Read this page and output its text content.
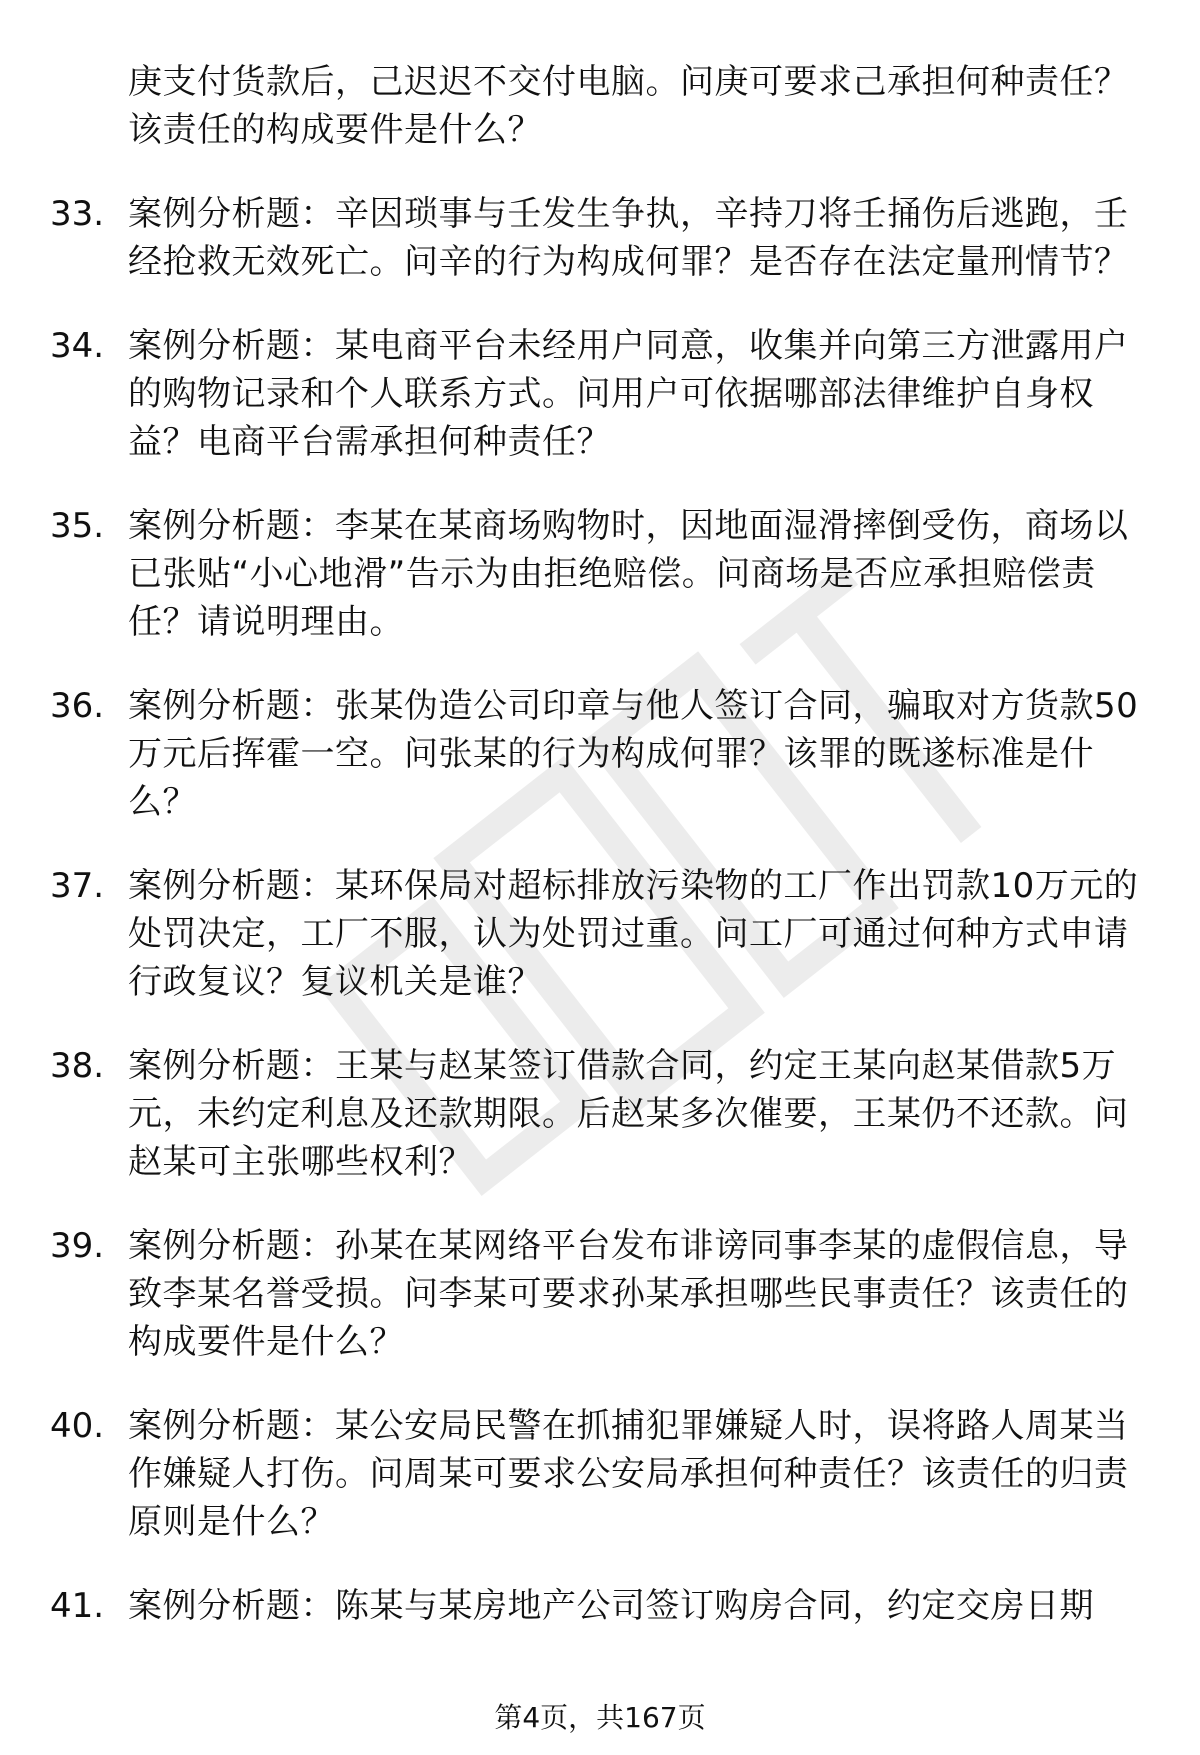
庚支付货款后，己迟迟不交付电脑。问庚可要求己承担何种责任？该责任的构成要件是什么？
33. 案例分析题：辛因琐事与壬发生争执，辛持刀将壬捅伤后逃跑，壬经抢救无效死亡。问辛的行为构成何罪？是否存在法定量刑情节？
34. 案例分析题：某电商平台未经用户同意，收集并向第三方泄露用户的购物记录和个人联系方式。问用户可依据哪部法律维护自身权益？电商平台需承担何种责任？
35. 案例分析题：李某在某商场购物时，因地面湿滑摔倒受伤，商场以已张贴“小心地滑”告示为由拒绝赔偿。问商场是否应承担赔偿责任？请说明理由。
36. 案例分析题：张某伪造公司印章与他人签订合同，骗取对方货款50万元后挥霍一空。问张某的行为构成何罪？该罪的既遂标准是什么？
37. 案例分析题：某环保局对超标排放污染物的工厂作出罚款10万元的处罚决定，工厂不服，认为处罚过重。问工厂可通过何种方式申请行政复议？复议机关是谁？
38. 案例分析题：王某与赵某签订借款合同，约定王某向赵某借款5万元，未约定利息及还款期限。后赵某多次催要，王某仍不还款。问赵某可主张哪些权利？
39. 案例分析题：孙某在某网络平台发布诽谤同事李某的虚假信息，导致李某名誉受损。问李某可要求孙某承担哪些民事责任？该责任的构成要件是什么？
40. 案例分析题：某公安局民警在抓捕犯罪嫌疑人时，误将路人周某当作嫌疑人打伤。问周某可要求公安局承担何种责任？该责任的归责原则是什么？
41. 案例分析题：陈某与某房地产公司签订购房合同，约定交房日期
第4页，共167页
